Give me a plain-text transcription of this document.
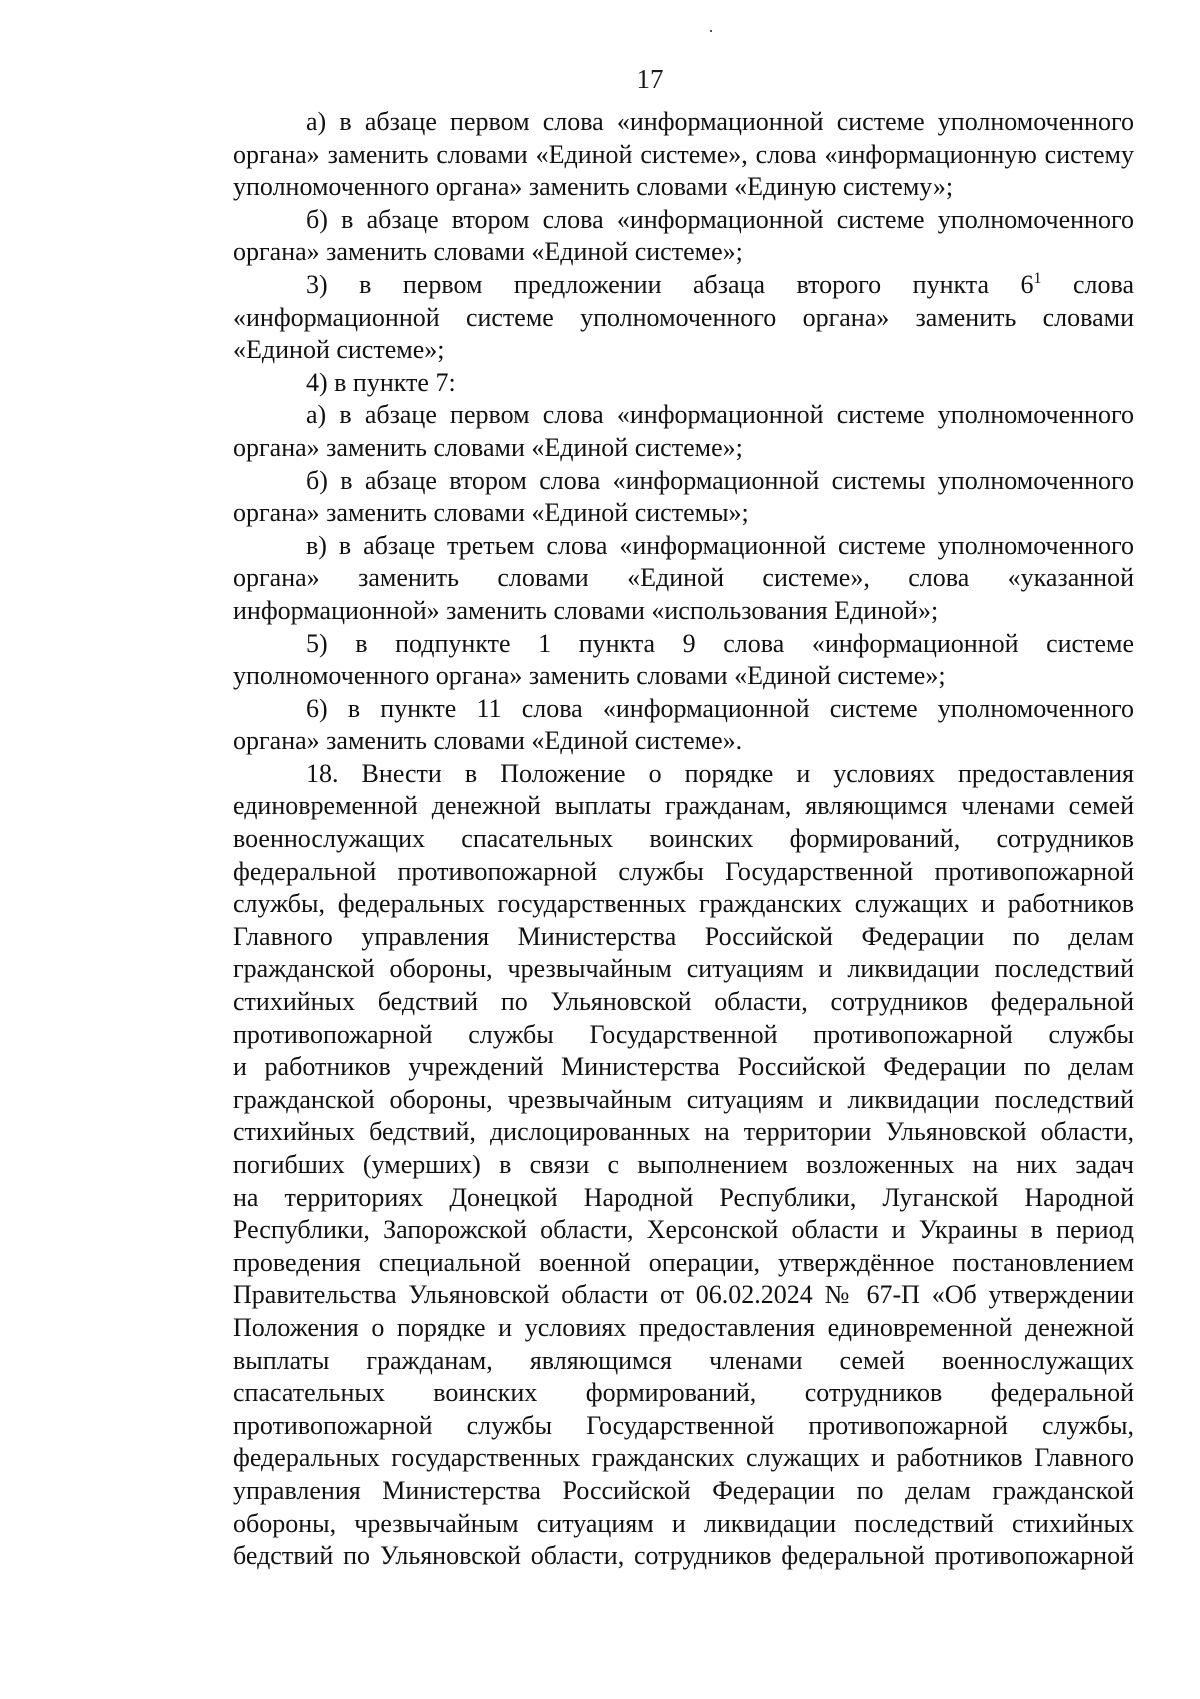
17
а) в абзаце первом слова «информационной системе уполномоченного
органа» заменить словами «Единой системе», слова «информационную систему
уполномоченного органа» заменить словами «Единую систему»;
б) в абзаце втором слова «информационной системе уполномоченного
органа» заменить словами «Единой системе»;
3) в первом предложении абзаца второго пункта $6^1$ слова
«информационной системе уполномоченного органа» заменить словами
«Единой системе»;
4) в пункте 7:
а) в абзаце первом слова «информационной системе уполномоченного
органа» заменить словами «Единой системе»;
б) в абзаце втором слова «информационной системы уполномоченного
органа» заменить словами «Единой системы»;
в) в абзаце третьем слова «информационной системе уполномоченного
органа» заменить словами «Единой системе», слова «указанной
информационной» заменить словами «использования Единой»;
5) в подпункте 1 пункта 9 слова «информационной системе
уполномоченного органа» заменить словами «Единой системе»;
6) в пункте 11 слова «информационной системе уполномоченного
органа» заменить словами «Единой системе».
18. Внести в Положение о порядке и условиях предоставления
единовременной денежной выплаты гражданам, являющимся членами семей
военнослужащих спасательных воинских формирований, сотрудников
федеральной противопожарной службы Государственной противопожарной
службы, федеральных государственных гражданских служащих и работников
Главного управления Министерства Российской Федерации по делам
гражданской обороны, чрезвычайным ситуациям и ликвидации последствий
стихийных бедствий по Ульяновской области, сотрудников федеральной
противопожарной службы Государственной противопожарной службы
и работников учреждений Министерства Российской Федерации по делам
гражданской обороны, чрезвычайным ситуациям и ликвидации последствий
стихийных бедствий, дислоцированных на территории Ульяновской области,
погибших (умерших) в связи с выполнением возложенных на них задач
на территориях Донецкой Народной Республики, Луганской Народной
Республики, Запорожской области, Херсонской области и Украины в период
проведения специальной военной операции, утверждённое постановлением
Правительства Ульяновской области от 06.02.2024 № 67-П «Об утверждении
Положения о порядке и условиях предоставления единовременной денежной
выплаты гражданам, являющимся членами семей военнослужащих
спасательных воинских формирований, сотрудников федеральной
противопожарной службы Государственной противопожарной службы,
федеральных государственных гражданских служащих и работников Главного
управления Министерства Российской Федерации по делам гражданской
обороны, чрезвычайным ситуациям и ликвидации последствий стихийных
бедствий по Ульяновской области, сотрудников федеральной противопожарной
